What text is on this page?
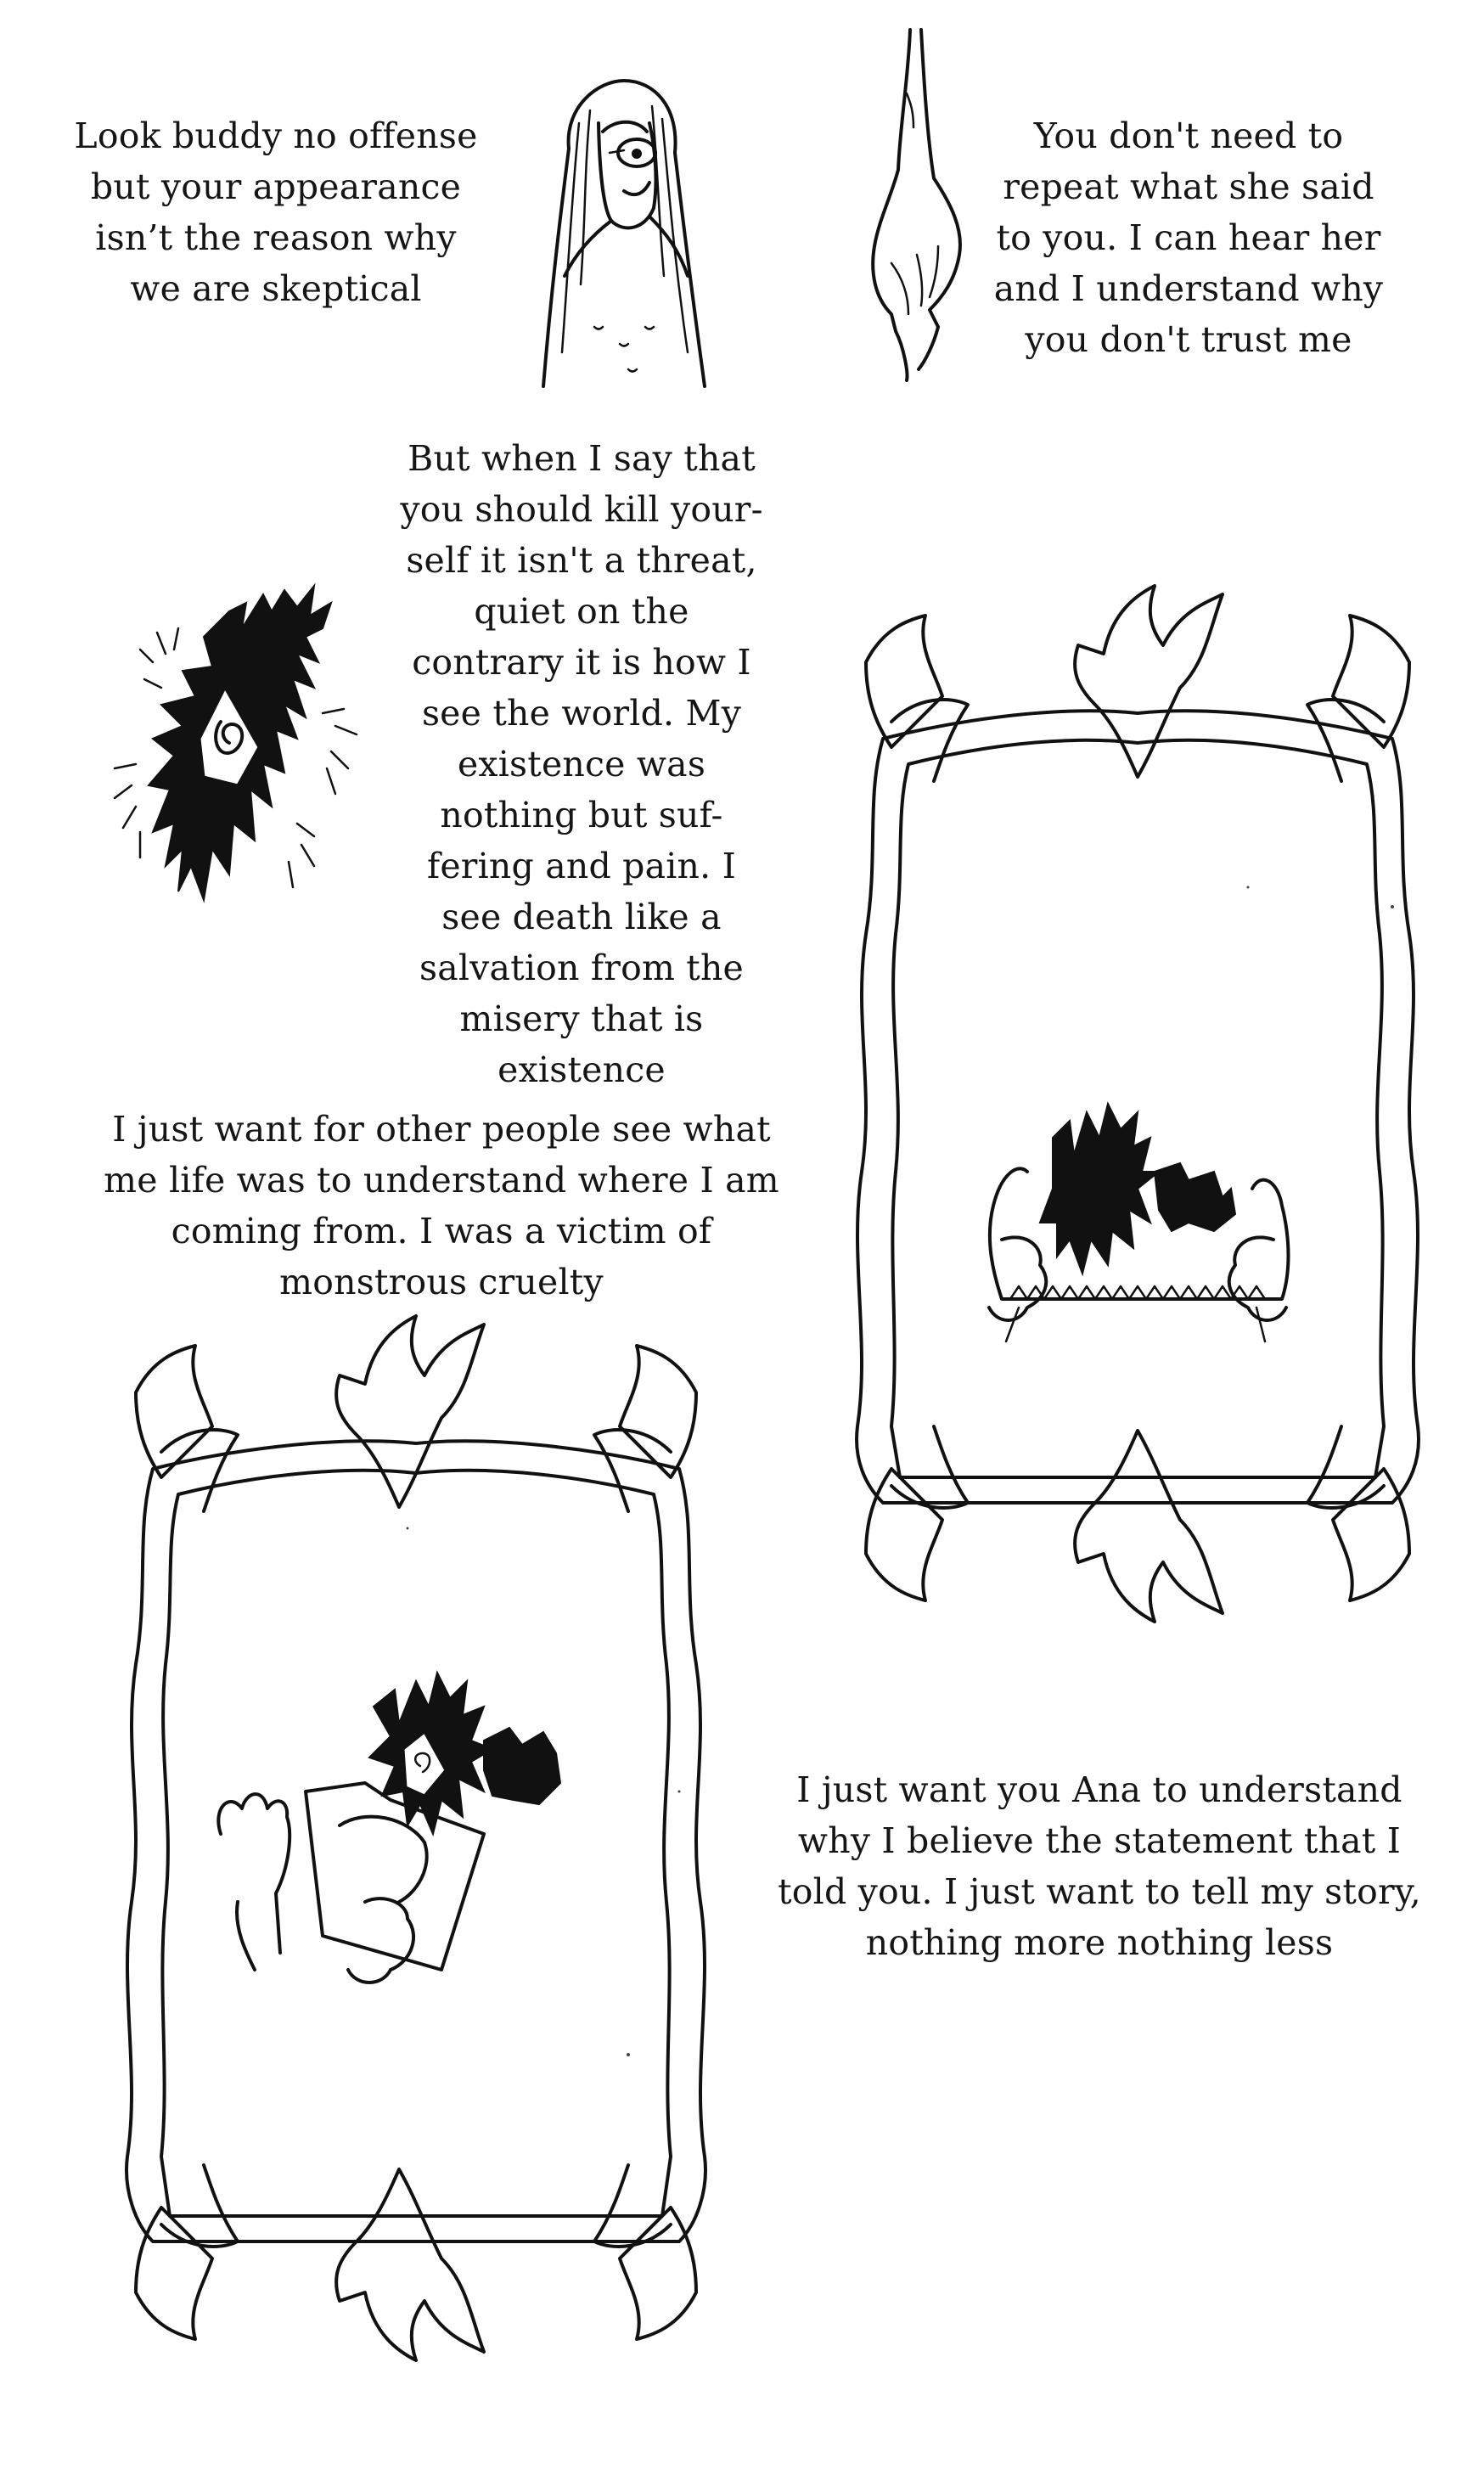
Look buddy no offense but your appearance isn’t the reason why we are skeptical
You don't need to repeat what she said to you. I can hear her and I understand why you don't trust me
But when I say that you should kill your-self it isn't a threat, quiet on the contrary it is how I see the world. My existence was nothing but suf-fering and pain. I see death like a salvation from the misery that is existence
I just want for other people see what me life was to understand where I am coming from. I was a victim of monstrous cruelty
I just want you Ana to understand why I believe the statement that I told you. I just want to tell my story, nothing more nothing less
